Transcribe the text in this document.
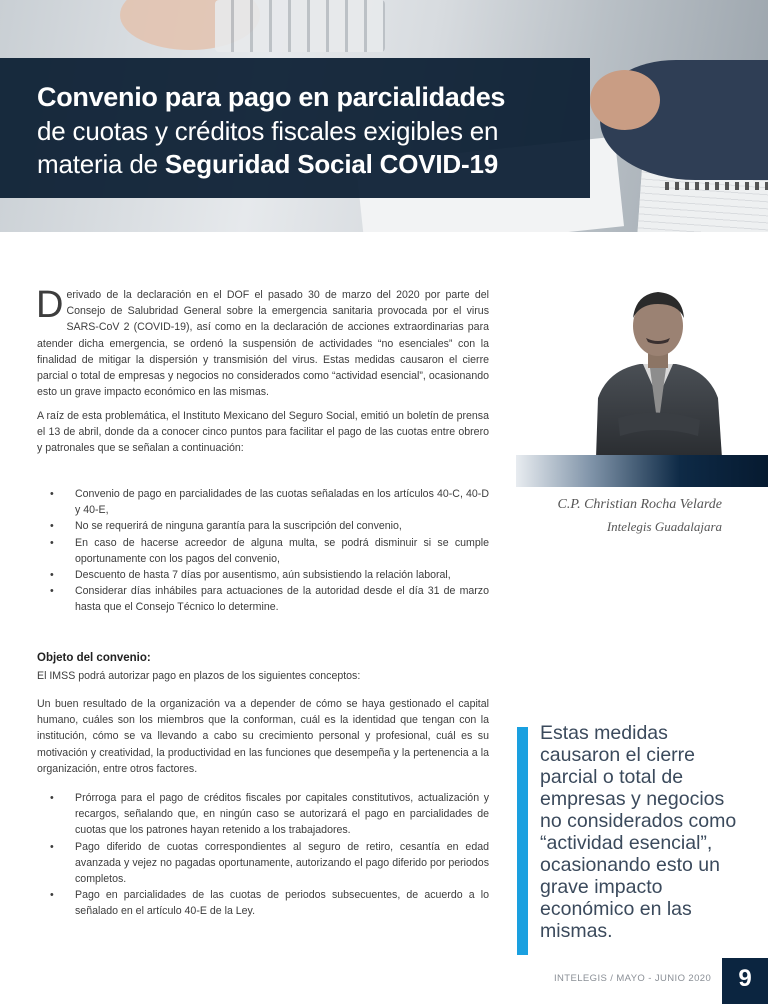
Convenio para pago en parcialidades
de cuotas y créditos fiscales exigibles en
materia de Seguridad Social COVID-19
Derivado de la declaración en el DOF el pasado 30 de marzo del 2020 por parte del Consejo de Salubridad General sobre la emergencia sanitaria provocada por el virus SARS-CoV 2 (COVID-19), así como en la declaración de acciones extraordinarias para atender dicha emergencia, se ordenó la suspensión de actividades “no esenciales” con la finalidad de mitigar la dispersión y transmisión del virus. Estas medidas causaron el cierre parcial o total de empresas y negocios no considerados como “actividad esencial”, ocasionando esto un grave impacto económico en las mismas.
A raíz de esta problemática, el Instituto Mexicano del Seguro Social, emitió un boletín de prensa el 13 de abril, donde da a conocer cinco puntos para facilitar el pago de las cuotas entre obrero y patronales que se señalan a continuación:
• Convenio de pago en parcialidades de las cuotas señaladas en los artículos 40-C, 40-D y 40-E,
• No se requerirá de ninguna garantía para la suscripción del convenio,
• En caso de hacerse acreedor de alguna multa, se podrá disminuir si se cumple oportunamente con los pagos del convenio,
• Descuento de hasta 7 días por ausentismo, aún subsistiendo la relación laboral,
• Considerar días inhábiles para actuaciones de la autoridad desde el día 31 de marzo hasta que el Consejo Técnico lo determine.
Objeto del convenio:
El IMSS podrá autorizar pago en plazos de los siguientes conceptos:
Un buen resultado de la organización va a depender de cómo se haya gestionado el capital humano, cuáles son los miembros que la conforman, cuál es la identidad que tengan con la institución, cómo se va llevando a cabo su crecimiento personal y profesional, cuál es su motivación y creatividad, la productividad en las funciones que desempeña y la pertenencia a la organización, entre otros factores.
• Prórroga para el pago de créditos fiscales por capitales constitutivos, actualización y recargos, señalando que, en ningún caso se autorizará el pago en parcialidades de cuotas que los patrones hayan retenido a los trabajadores.
• Pago diferido de cuotas correspondientes al seguro de retiro, cesantía en edad avanzada y vejez no pagadas oportunamente, autorizando el pago diferido por periodos completos.
• Pago en parcialidades de las cuotas de periodos subsecuentes, de acuerdo a lo señalado en el artículo 40-E de la Ley.
C.P. Christian Rocha Velarde
Intelegis Guadalajara
Estas medidas causaron el cierre parcial o total de empresas y negocios no considerados como “actividad esencial”, ocasionando esto un grave impacto económico en las mismas.
INTELEGIS / MAYO - JUNIO 2020	9
